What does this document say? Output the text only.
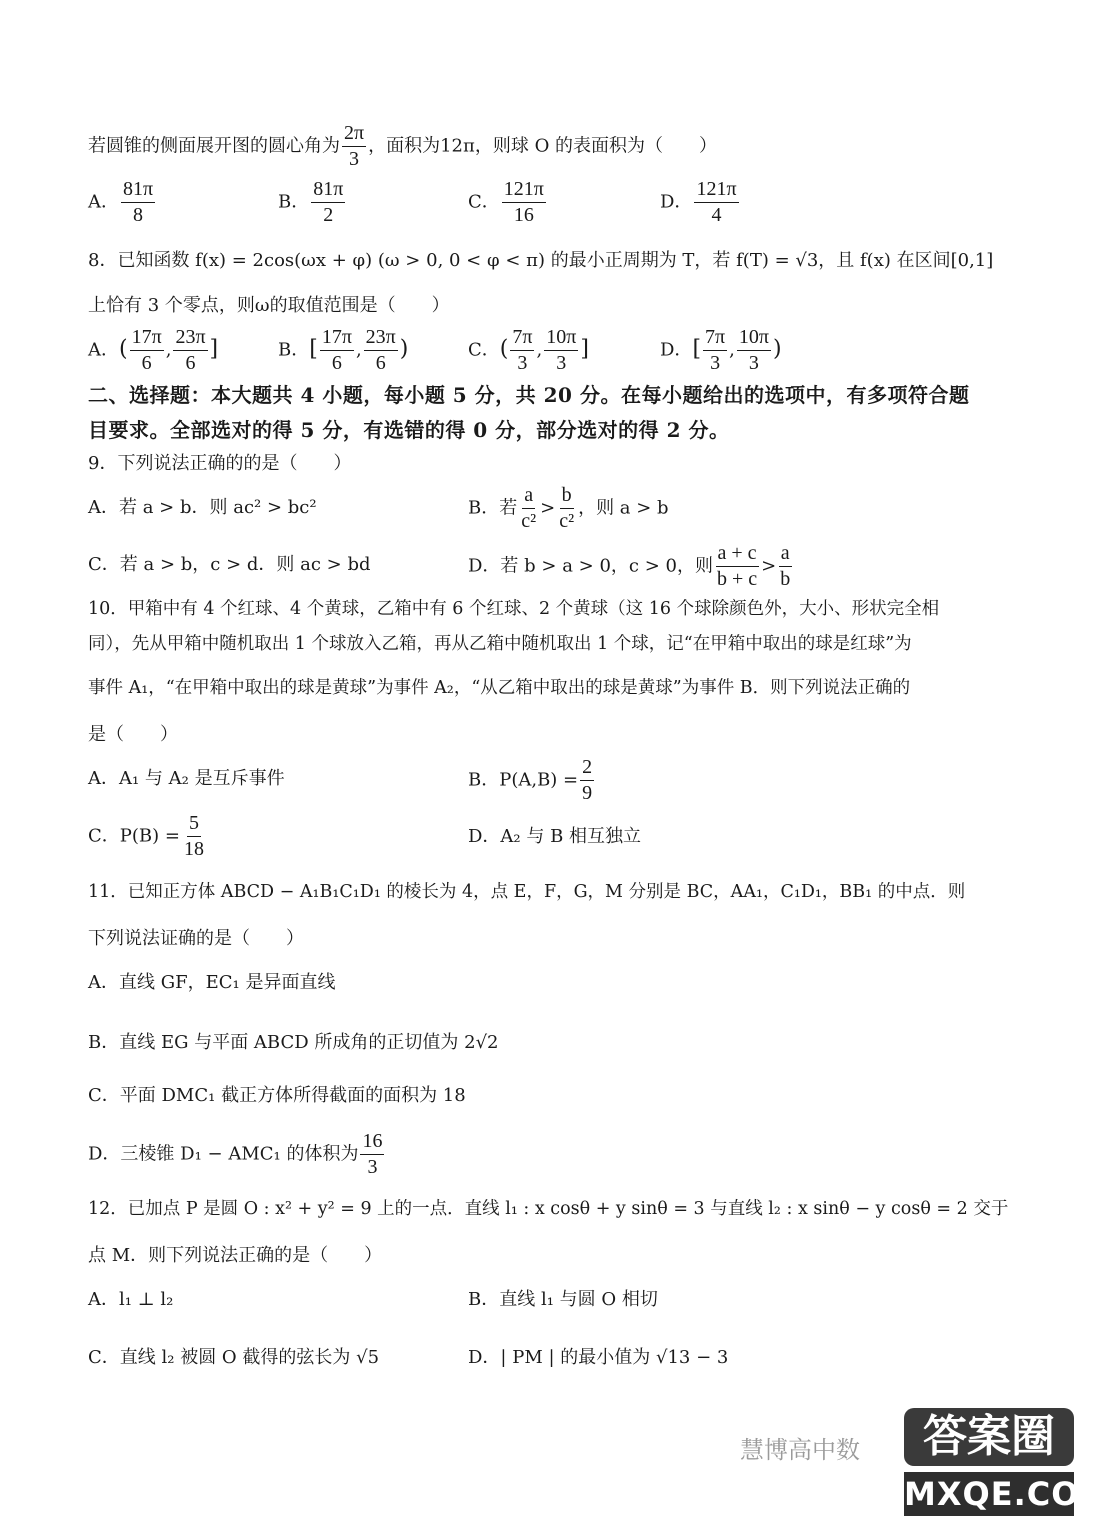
若圆锥的侧面展开图的圆心角为 $\frac{2\pi}{3}$ ，面积为12π，则球 O 的表面积为（　　）
A． $\frac{81\pi}{8}$	B． $\frac{81\pi}{2}$	C． $\frac{121\pi}{16}$	D． $\frac{121\pi}{4}$
8．已知函数 f(x) = 2cos(ωx + φ) (ω > 0, 0 < φ < π) 的最小正周期为 T，若 f(T) = √3，且 f(x) 在区间[0,1]
上恰有 3 个零点，则ω的取值范围是（　　）
A．( $\frac{17\pi}{6}$ , $\frac{23\pi}{6}$ ]	B．[ $\frac{17\pi}{6}$ , $\frac{23\pi}{6}$ )	C．( $\frac{7\pi}{3}$ , $\frac{10\pi}{3}$ ]	D．[ $\frac{7\pi}{3}$ , $\frac{10\pi}{3}$ )
二、选择题：本大题共 4 小题，每小题 5 分，共 20 分。在每小题给出的选项中，有多项符合题
目要求。全部选对的得 5 分，有选错的得 0 分，部分选对的得 2 分。
9．下列说法正确的的是（　　）
A．若 a > b．则 ac² > bc²	B．若 $\frac{a}{\text{c²}} > \frac{b}{\text{c²}}$ ，则 a > b
C．若 a > b，c > d．则 ac > bd	D．若 b > a > 0，c > 0，则 $\frac{a + c}{b + c} > \frac{a}{b}$
10．甲箱中有 4 个红球、4 个黄球，乙箱中有 6 个红球、2 个黄球（这 16 个球除颜色外，大小、形状完全相
同），先从甲箱中随机取出 1 个球放入乙箱，再从乙箱中随机取出 1 个球，记“在甲箱中取出的球是红球”为
事件 A₁，“在甲箱中取出的球是黄球”为事件 A₂，“从乙箱中取出的球是黄球”为事件 B．则下列说法正确的
是（　　）
A．A₁ 与 A₂ 是互斥事件	B．$P(A,B) = \frac{2}{9}$
C．$P(B) = \frac{5}{18}$	D．A₂ 与 B 相互独立
11．已知正方体 ABCD − A₁B₁C₁D₁ 的棱长为 4，点 E，F，G，M 分别是 BC，AA₁，C₁D₁，BB₁ 的中点．则
下列说法证确的是（　　）
A．直线 GF，EC₁ 是异面直线
B．直线 EG 与平面 ABCD 所成角的正切值为 2√2
C．平面 DMC₁ 截正方体所得截面的面积为 18
D．三棱锥 D₁ − AMC₁ 的体积为 $\frac{16}{3}$
12．已加点 P 是圆 O : x² + y² = 9 上的一点．直线 l₁ : x cosθ + y sinθ = 3 与直线 l₂ : x sinθ − y cosθ = 2 交于
点 M．则下列说法正确的是（　　）
A．l₁ ⊥ l₂	B．直线 l₁ 与圆 O 相切
C．直线 l₂ 被圆 O 截得的弦长为 √5	D．| PM | 的最小值为 √13 − 3
慧博高中数	答案圈
MXQE.COM
